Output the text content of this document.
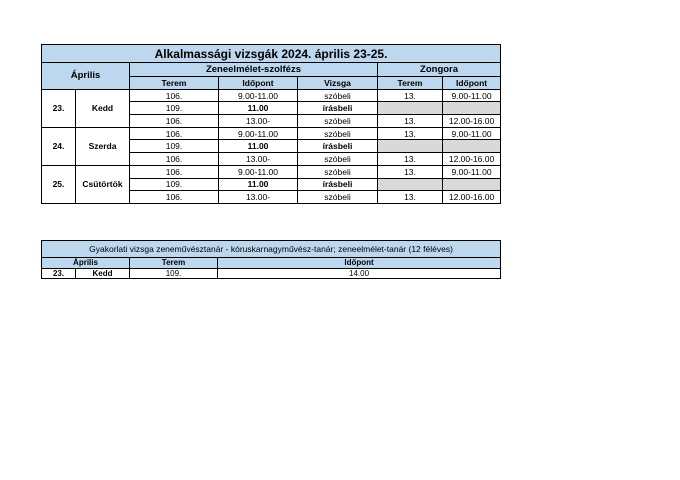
Alkalmassági vizsgák 2024. április 23-25.						
Április		Zeneelmélet-szolfézs			Zongora	
		Terem	Időpont	Vizsga	Terem	Időpont
23.	Kedd	106.	9.00-11.00	szóbeli	13.	9.00-11.00
		109.	11.00	írásbeli		
		106.	13.00-	szóbeli	13.	12.00-16.00
24.	Szerda	106.	9.00-11.00	szóbeli	13.	9.00-11.00
		109.	11.00	írásbeli		
		106.	13.00-	szóbeli	13.	12.00-16.00
25.	Csütörtök	106.	9.00-11.00	szóbeli	13.	9.00-11.00
		109.	11.00	írásbeli		
		106.	13.00-	szóbeli	13.	12.00-16.00
Gyakorlati vizsga zeneművésztanár - kóruskarnagyművész-tanár; zeneelmélet-tanár (12 féléves)			
Április		Terem	Időpont
23.	Kedd	109.	14.00
